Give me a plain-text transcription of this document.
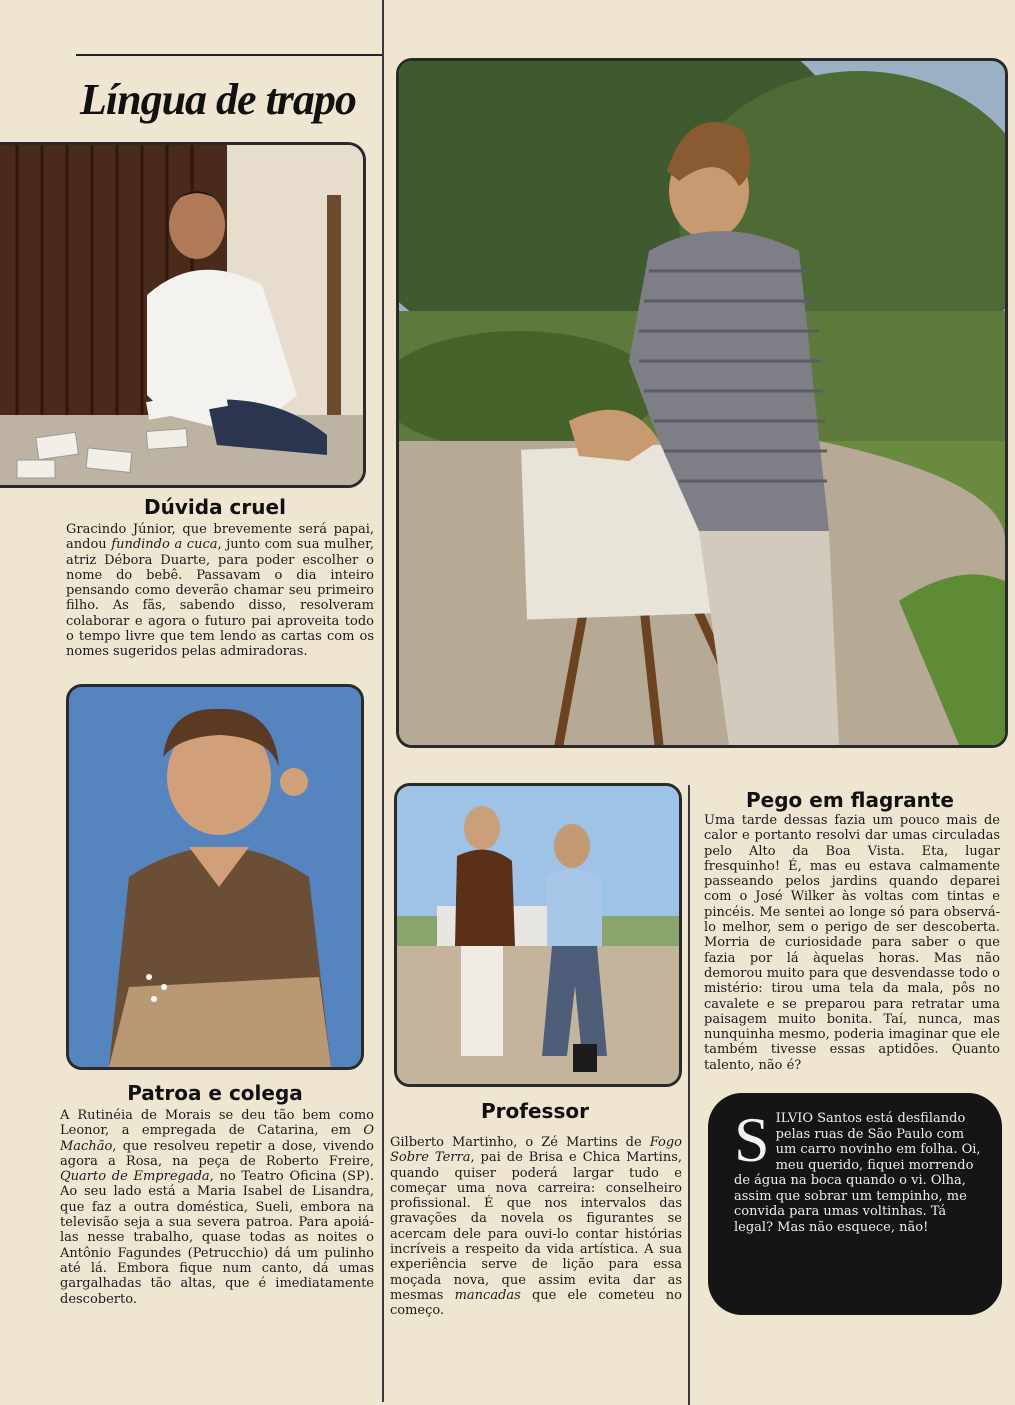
Língua de trapo
Dúvida cruel
Gracindo Júnior, que brevemente será papai, andou fundindo a cuca, junto com sua mulher, atriz Débora Duarte, para poder escolher o nome do bebê. Passavam o dia inteiro pensando como deverão chamar seu primeiro filho. As fãs, sabendo disso, resolveram colaborar e agora o futuro pai aproveita todo o tempo livre que tem lendo as cartas com os nomes sugeridos pelas admiradoras.
Patroa e colega
A Rutinéia de Morais se deu tão bem como Leonor, a empregada de Catarina, em O Machão, que resolveu repetir a dose, vivendo agora a Rosa, na peça de Roberto Freire, Quarto de Empregada, no Teatro Oficina (SP). Ao seu lado está a Maria Isabel de Lisandra, que faz a outra doméstica, Sueli, embora na televisão seja a sua severa patroa. Para apoiá-las nesse trabalho, quase todas as noites o Antônio Fagundes (Petrucchio) dá um pulinho até lá. Embora fique num canto, dá umas gargalhadas tão altas, que é imediatamente descoberto.
Professor
Gilberto Martinho, o Zé Martins de Fogo Sobre Terra, pai de Brisa e Chica Martins, quando quiser poderá largar tudo e começar uma nova carreira: conselheiro profissional. É que nos intervalos das gravações da novela os figurantes se acercam dele para ouvi-lo contar histórias incríveis a respeito da vida artística. A sua experiência serve de lição para essa moçada nova, que assim evita dar as mesmas mancadas que ele cometeu no começo.
Pego em flagrante
Uma tarde dessas fazia um pouco mais de calor e portanto resolvi dar umas circuladas pelo Alto da Boa Vista. Eta, lugar fresquinho! É, mas eu estava calmamente passeando pelos jardins quando deparei com o José Wilker às voltas com tintas e pincéis. Me sentei ao longe só para observá-lo melhor, sem o perigo de ser descoberta. Morria de curiosidade para saber o que fazia por lá àquelas horas. Mas não demorou muito para que desvendasse todo o mistério: tirou uma tela da mala, pôs no cavalete e se preparou para retratar uma paisagem muito bonita. Taí, nunca, mas nunquinha mesmo, poderia imaginar que ele também tivesse essas aptidões. Quanto talento, não é?
SILVIO Santos está desfilando pelas ruas de São Paulo com um carro novinho em folha. Oi, meu querido, fiquei morrendo de água na boca quando o vi. Olha, assim que sobrar um tempinho, me convida para umas voltinhas. Tá legal? Mas não esquece, não!
